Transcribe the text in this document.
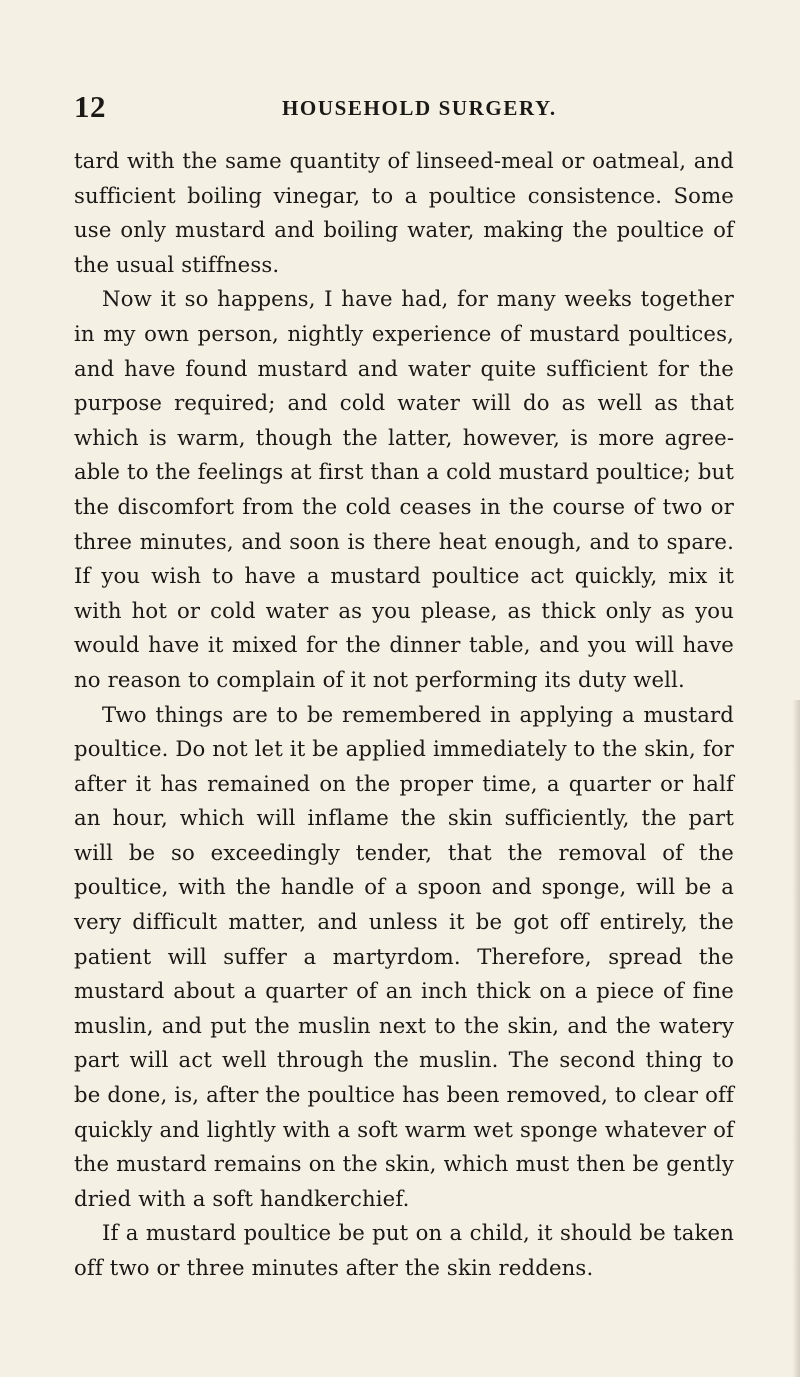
12	HOUSEHOLD SURGERY.

tard with the same quantity of linseed-meal or oatmeal, and sufficient boiling vinegar, to a poultice consistence. Some use only mustard and boiling water, making the poultice of the usual stiffness.

Now it so happens, I have had, for many weeks together in my own person, nightly experience of mustard poultices, and have found mustard and water quite sufficient for the purpose required; and cold water will do as well as that which is warm, though the latter, however, is more agreeable to the feelings at first than a cold mustard poultice; but the discomfort from the cold ceases in the course of two or three minutes, and soon is there heat enough, and to spare. If you wish to have a mustard poultice act quickly, mix it with hot or cold water as you please, as thick only as you would have it mixed for the dinner table, and you will have no reason to complain of it not performing its duty well.

Two things are to be remembered in applying a mustard poultice. Do not let it be applied immediately to the skin, for after it has remained on the proper time, a quarter or half an hour, which will inflame the skin sufficiently, the part will be so exceedingly tender, that the removal of the poultice, with the handle of a spoon and sponge, will be a very difficult matter, and unless it be got off entirely, the patient will suffer a martyrdom. Therefore, spread the mustard about a quarter of an inch thick on a piece of fine muslin, and put the muslin next to the skin, and the watery part will act well through the muslin. The second thing to be done, is, after the poultice has been removed, to clear off quickly and lightly with a soft warm wet sponge whatever of the mustard remains on the skin, which must then be gently dried with a soft handkerchief.

If a mustard poultice be put on a child, it should be taken off two or three minutes after the skin reddens.
